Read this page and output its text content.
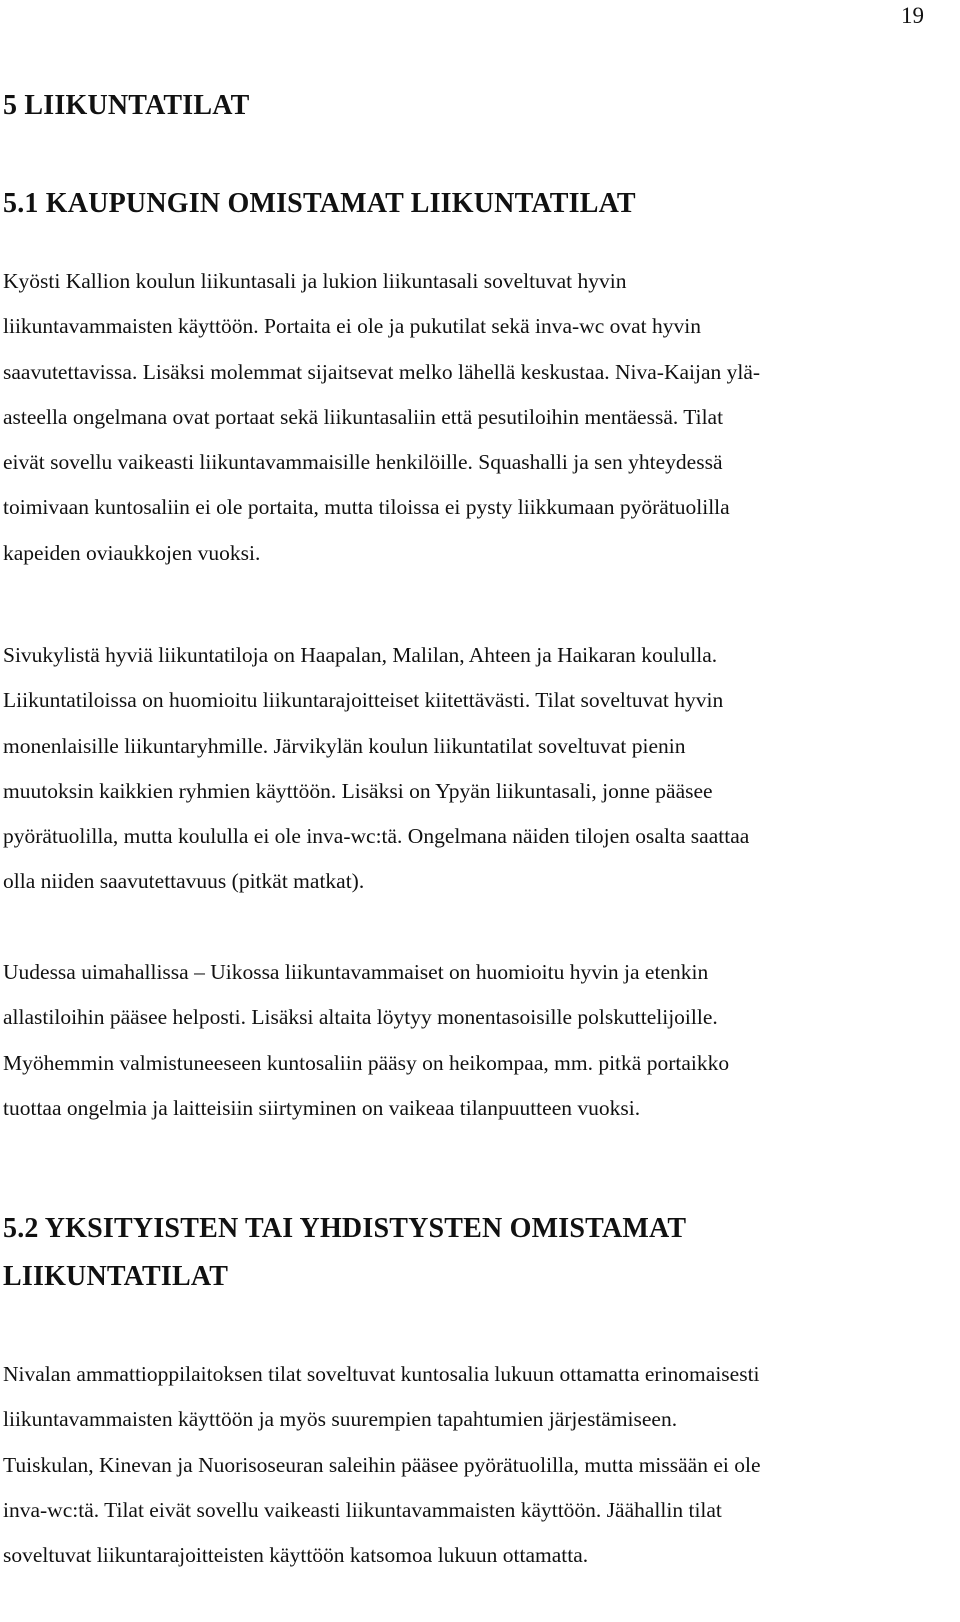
19
5 LIIKUNTATILAT
5.1 KAUPUNGIN OMISTAMAT LIIKUNTATILAT

Kyösti Kallion koulun liikuntasali ja lukion liikuntasali soveltuvat hyvin
liikuntavammaisten käyttöön. Portaita ei ole ja pukutilat sekä inva-wc ovat hyvin
saavutettavissa. Lisäksi molemmat sijaitsevat melko lähellä keskustaa. Niva-Kaijan ylä-
asteella ongelmana ovat portaat sekä liikuntasaliin että pesutiloihin mentäessä. Tilat
eivät sovellu vaikeasti liikuntavammaisille henkilöille. Squashalli ja sen yhteydessä
toimivaan kuntosaliin ei ole portaita, mutta tiloissa ei pysty liikkumaan pyörätuolilla
kapeiden oviaukkojen vuoksi.

Sivukylistä hyviä liikuntatiloja on Haapalan, Malilan, Ahteen ja Haikaran koululla.
Liikuntatiloissa on huomioitu liikuntarajoitteiset kiitettävästi. Tilat soveltuvat hyvin
monenlaisille liikuntaryhmille. Järvikylän koulun liikuntatilat soveltuvat pienin
muutoksin kaikkien ryhmien käyttöön. Lisäksi on Ypyän liikuntasali, jonne pääsee
pyörätuolilla, mutta koululla ei ole inva-wc:tä. Ongelmana näiden tilojen osalta saattaa
olla niiden saavutettavuus (pitkät matkat).

Uudessa uimahallissa – Uikossa liikuntavammaiset on huomioitu hyvin ja etenkin
allastiloihin pääsee helposti. Lisäksi altaita löytyy monentasoisille polskuttelijoille.
Myöhemmin valmistuneeseen kuntosaliin pääsy on heikompaa, mm. pitkä portaikko
tuottaa ongelmia ja laitteisiin siirtyminen on vaikeaa tilanpuutteen vuoksi.

5.2 YKSITYISTEN TAI YHDISTYSTEN OMISTAMAT
LIIKUNTATILAT

Nivalan ammattioppilaitoksen tilat soveltuvat kuntosalia lukuun ottamatta erinomaisesti
liikuntavammaisten käyttöön ja myös suurempien tapahtumien järjestämiseen.
Tuiskulan, Kinevan ja Nuorisoseuran saleihin pääsee pyörätuolilla, mutta missään ei ole
inva-wc:tä. Tilat eivät sovellu vaikeasti liikuntavammaisten käyttöön. Jäähallin tilat
soveltuvat liikuntarajoitteisten käyttöön katsomoa lukuun ottamatta.
